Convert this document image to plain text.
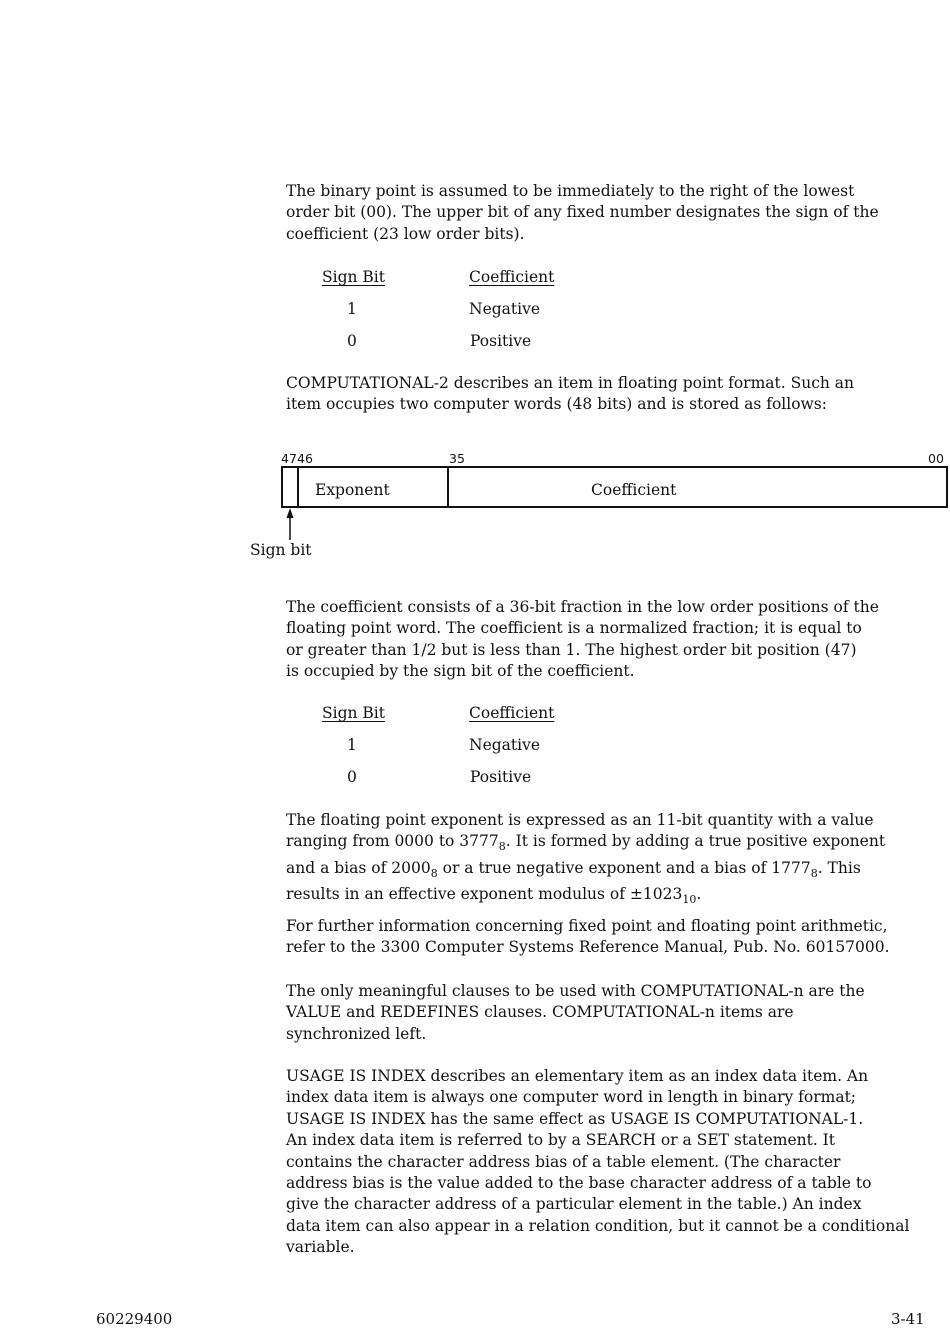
The binary point is assumed to be immediately to the right of the lowest
order bit (00). The upper bit of any fixed number designates the sign of the
coefficient (23 low order bits).
Sign Bit	Coefficient
1	Negative
0	Positive
COMPUTATIONAL-2 describes an item in floating point format. Such an
item occupies two computer words (48 bits) and is stored as follows:
47 46	35	00
Exponent	Coefficient
Sign bit
The coefficient consists of a 36-bit fraction in the low order positions of the
floating point word. The coefficient is a normalized fraction; it is equal to
or greater than 1/2 but is less than 1. The highest order bit position (47)
is occupied by the sign bit of the coefficient.
Sign Bit	Coefficient
1	Negative
0	Positive
The floating point exponent is expressed as an 11-bit quantity with a value
ranging from 0000 to $3777_8$. It is formed by adding a true positive exponent
and a bias of $2000_8$ or a true negative exponent and a bias of $1777_8$. This
results in an effective exponent modulus of $\pm 1023_{10}$.
For further information concerning fixed point and floating point arithmetic,
refer to the 3300 Computer Systems Reference Manual, Pub. No. 60157000.
The only meaningful clauses to be used with COMPUTATIONAL-n are the
VALUE and REDEFINES clauses. COMPUTATIONAL-n items are
synchronized left.
USAGE IS INDEX describes an elementary item as an index data item. An
index data item is always one computer word in length in binary format;
USAGE IS INDEX has the same effect as USAGE IS COMPUTATIONAL-1.
An index data item is referred to by a SEARCH or a SET statement. It
contains the character address bias of a table element. (The character
address bias is the value added to the base character address of a table to
give the character address of a particular element in the table.) An index
data item can also appear in a relation condition, but it cannot be a conditional
variable.
60229400	3-41
